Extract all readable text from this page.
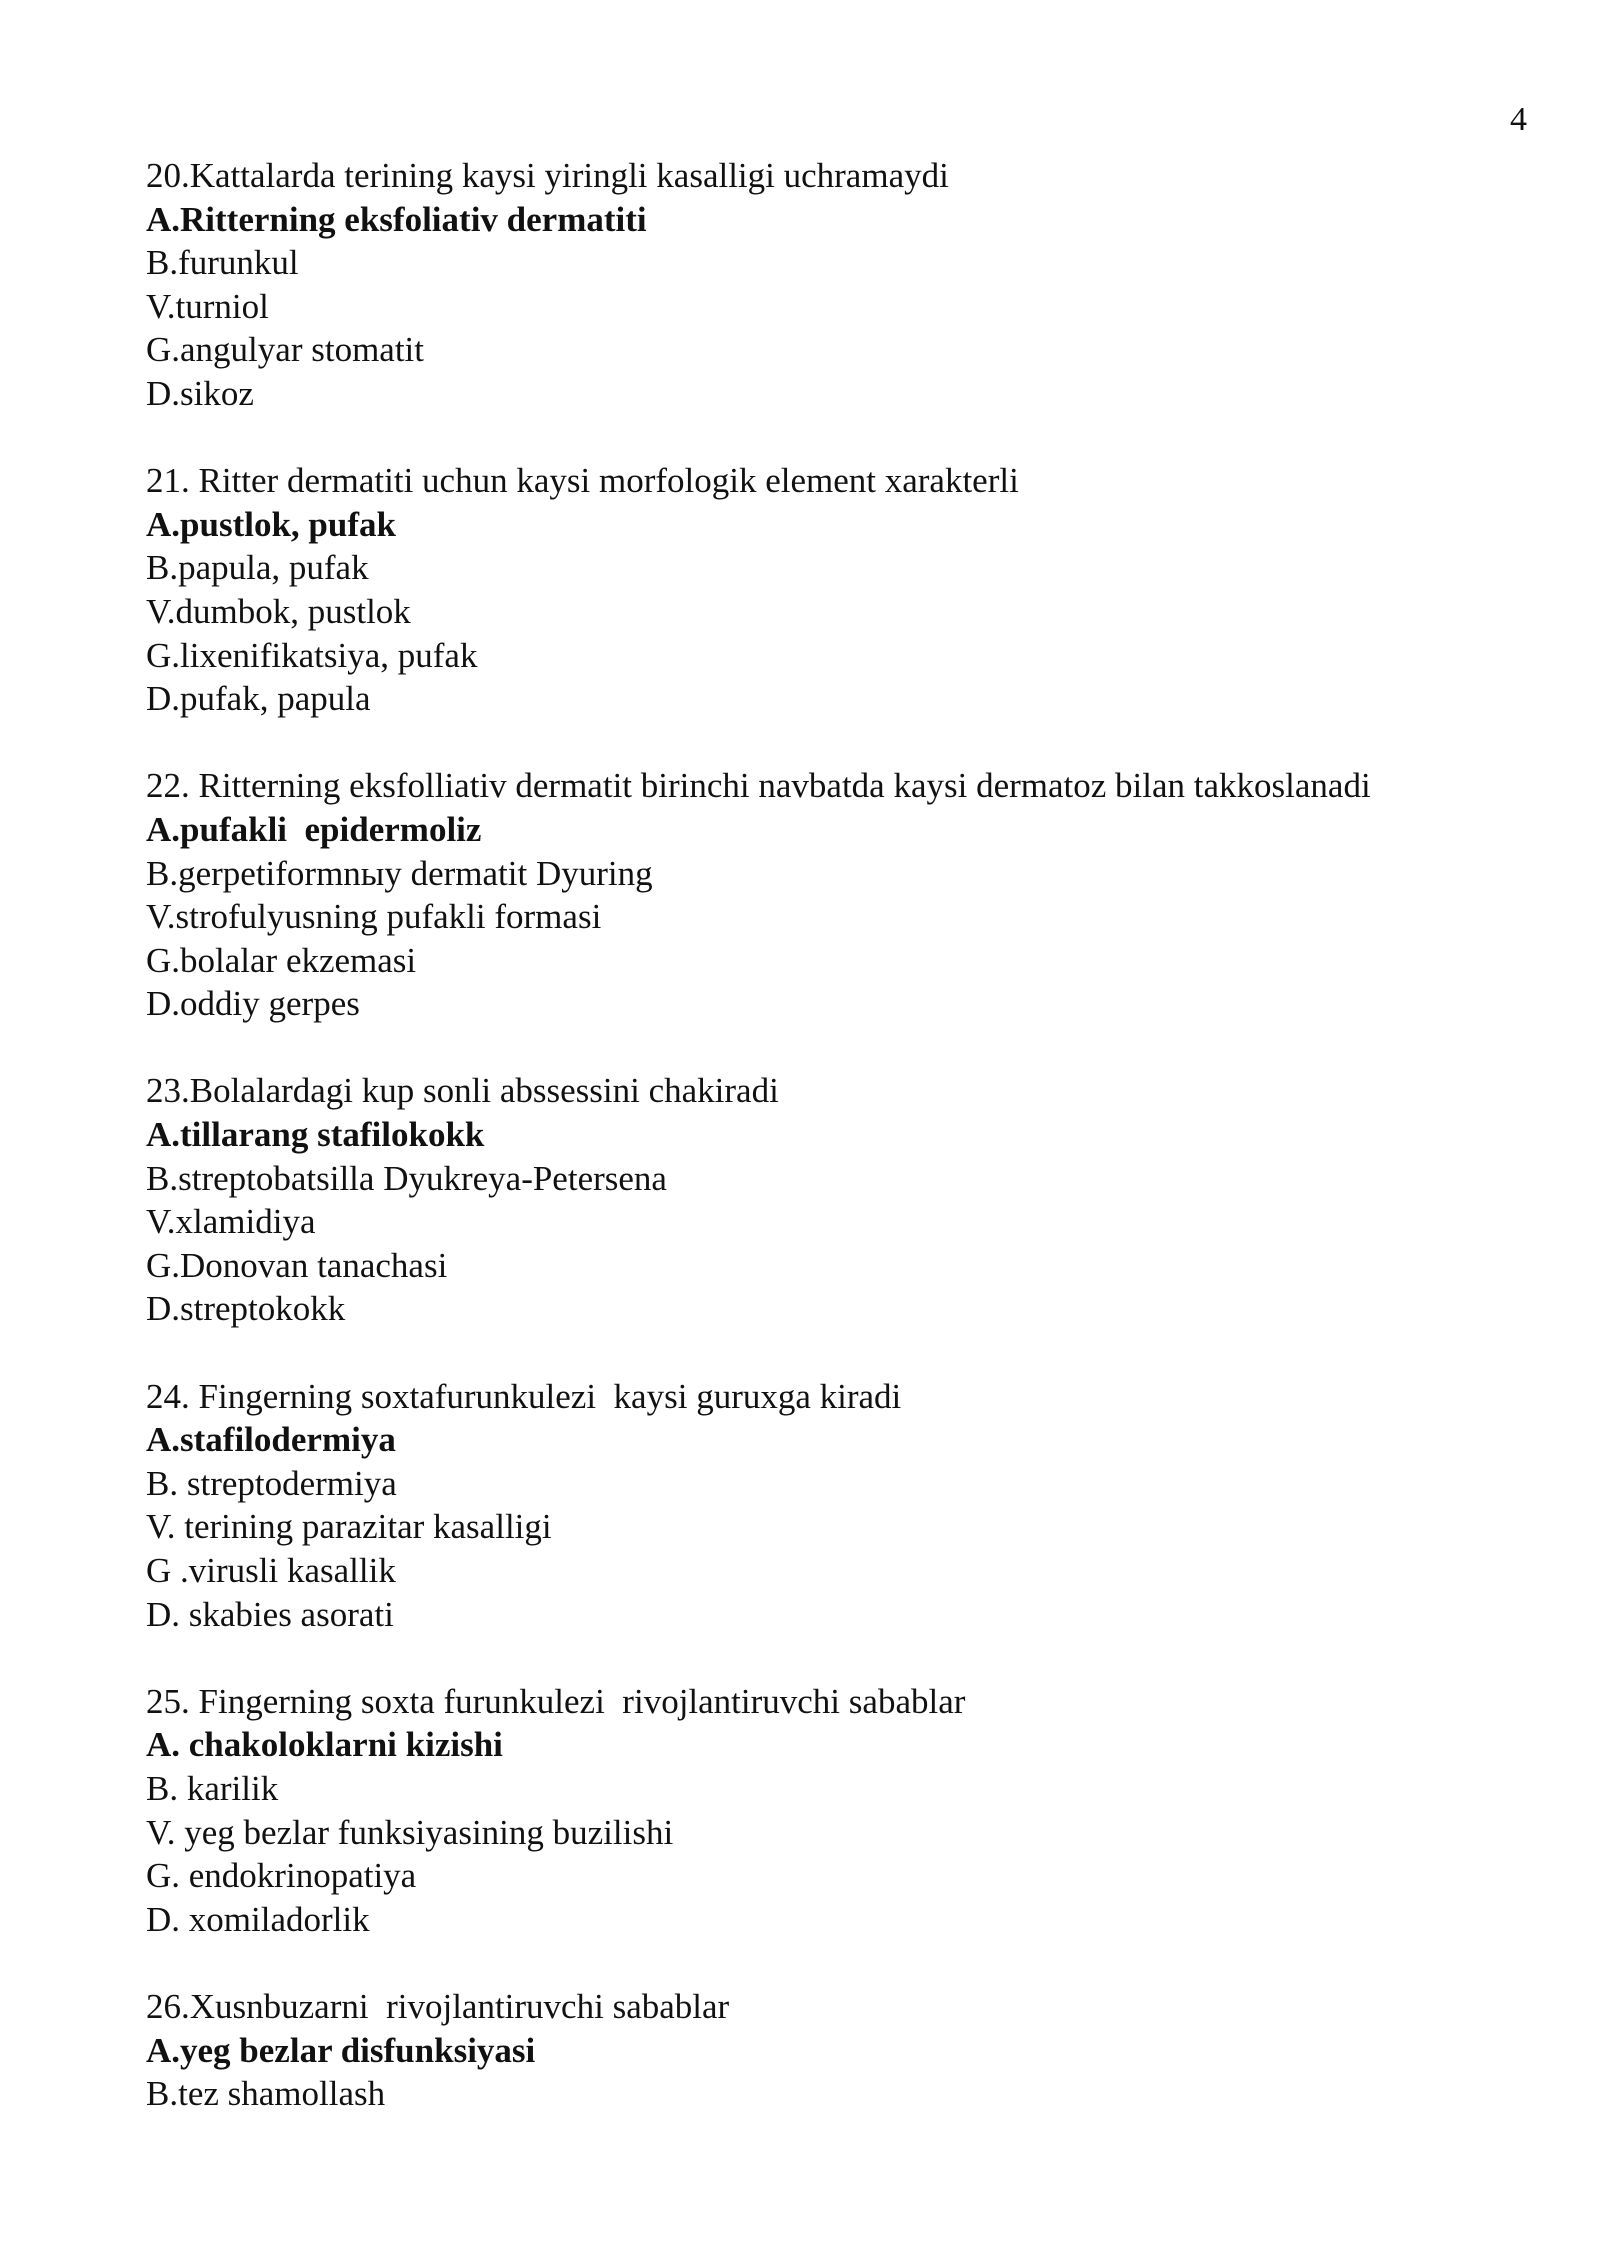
4
20.Kattalarda terining kaysi yiringli kasalligi uchramaydi
A.Ritterning eksfoliativ dermatiti
B.furunkul
V.turniol
G.angulyar stomatit
D.sikoz
21. Ritter dermatiti uchun kaysi morfologik element xarakterli
A.pustlok, pufak
B.papula, pufak
V.dumbok, pustlok
G.lixenifikatsiya, pufak
D.pufak, papula
22. Ritterning eksfolliativ dermatit birinchi navbatda kaysi dermatoz bilan takkoslanadi
A.pufakli  epidermoliz
B.gerpetiformnыy dermatit Dyuring
V.strofulyusning pufakli formasi
G.bolalar ekzemasi
D.oddiy gerpes
23.Bolalardagi kup sonli abssessini chakiradi
A.tillarang stafilokokk
B.streptobatsilla Dyukreya-Petersena
V.xlamidiya
G.Donovan tanachasi
D.streptokokk
24. Fingerning soxtafurunkulezi  kaysi guruxga kiradi
A.stafilodermiya
B. streptodermiya
V. terining parazitar kasalligi
G .virusli kasallik
D. skabies asorati
25. Fingerning soxta furunkulezi  rivojlantiruvchi sabablar
A. chakoloklarni kizishi
B. karilik
V. yeg bezlar funksiyasining buzilishi
G. endokrinopatiya
D. xomiladorlik
26.Xusnbuzarni  rivojlantiruvchi sabablar
A.yeg bezlar disfunksiyasi
B.tez shamollash
